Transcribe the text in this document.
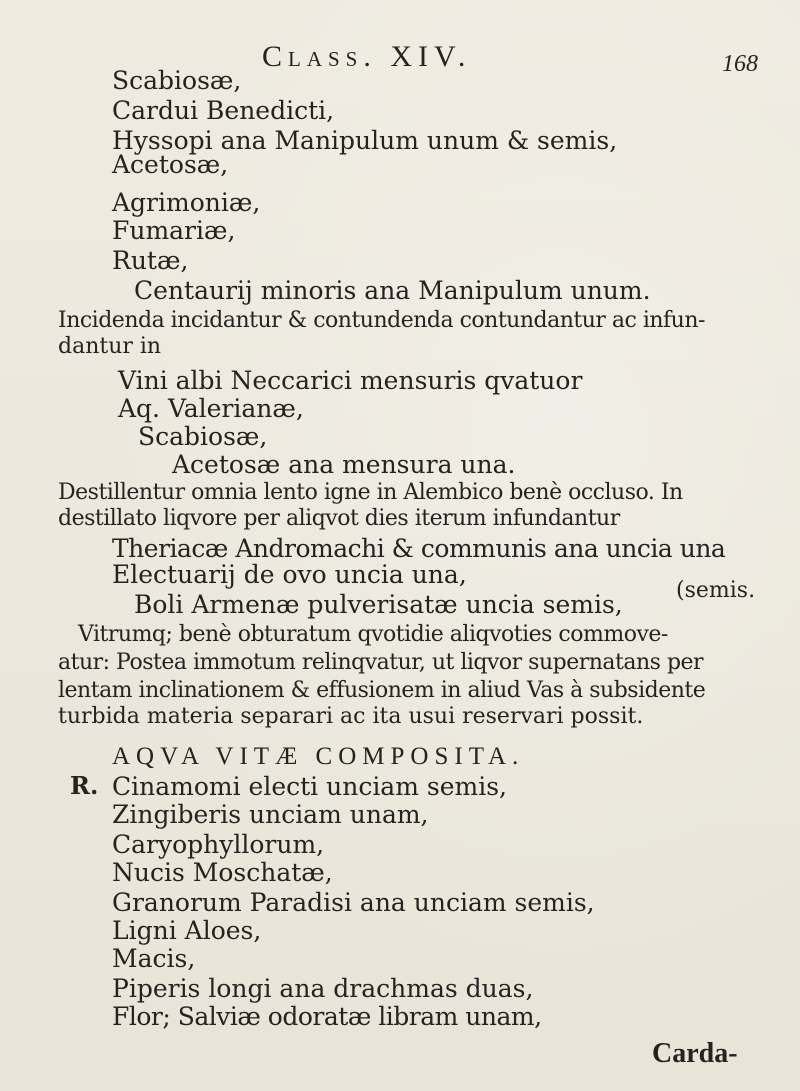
Class. XIV.	168

Scabiosæ,

Cardui Benedicti,

Hyssopi ana Manipulum unum & semis,

Acetosæ,

Agrimoniæ,

Fumariæ,

Rutæ,

Centaurij minoris ana Manipulum unum.

Incidenda incidantur & contundenda contundantur ac infun-

dantur in

Vini albi Neccarici mensuris qvatuor

Aq. Valerianæ,

Scabiosæ,

Acetosæ ana mensura una.

Destillentur omnia lento igne in Alembico benè occluso. In

destillato liqvore per aliqvot dies iterum infundantur

Theriacæ Andromachi & communis ana uncia una

Electuarij de ovo uncia una,

(semis.

Boli Armenæ pulverisatæ uncia semis,

Vitrumq; benè obturatum qvotidie aliqvoties commove-

atur: Postea immotum relinqvatur, ut liqvor supernatans per

lentam inclinationem & effusionem in aliud Vas à subsidente

turbida materia separari ac ita usui reservari possit.

AQVA VITÆ COMPOSITA.

R. Cinamomi electi unciam semis,

Zingiberis unciam unam,

Caryophyllorum,

Nucis Moschatæ,

Granorum Paradisi ana unciam semis,

Ligni Aloes,

Macis,

Piperis longi ana drachmas duas,

Flor; Salviæ odoratæ libram unam,

Carda-
